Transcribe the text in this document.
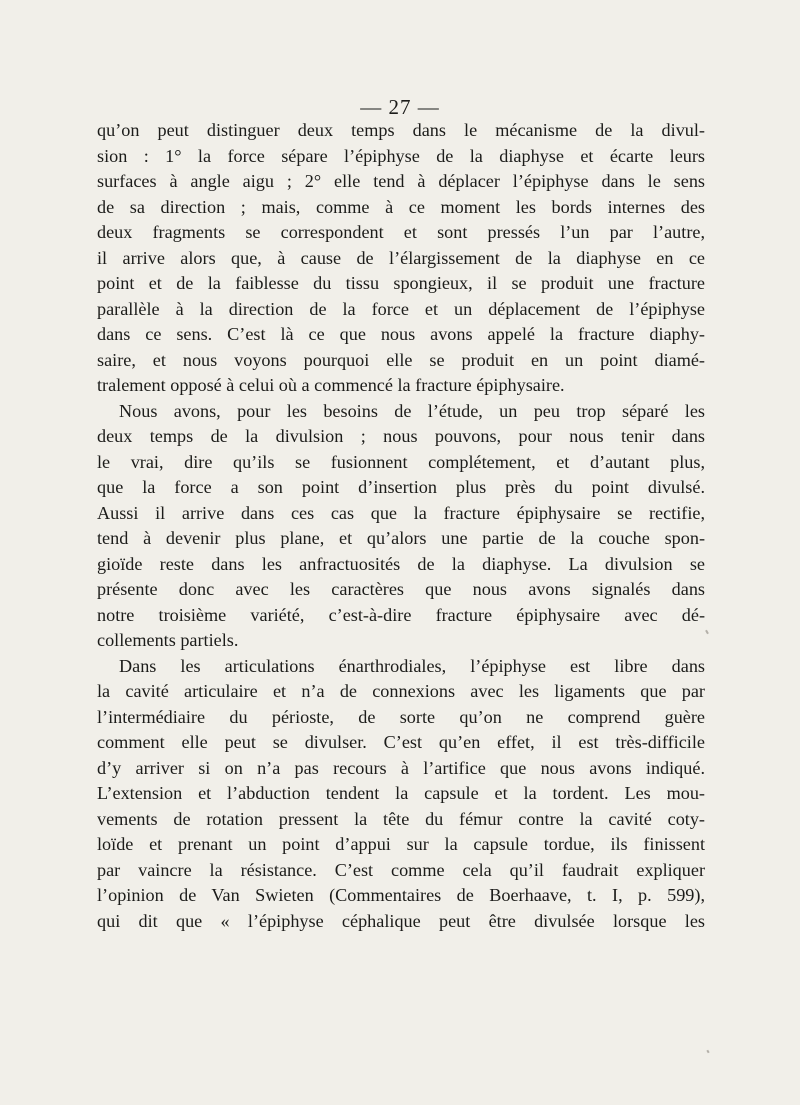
— 27 —
qu’on peut distinguer deux temps dans le mécanisme de la divul-
sion : 1° la force sépare l’épiphyse de la diaphyse et écarte leurs
surfaces à angle aigu ; 2° elle tend à déplacer l’épiphyse dans le sens
de sa direction ; mais, comme à ce moment les bords internes des
deux fragments se correspondent et sont pressés l’un par l’autre,
il arrive alors que, à cause de l’élargissement de la diaphyse en ce
point et de la faiblesse du tissu spongieux, il se produit une fracture
parallèle à la direction de la force et un déplacement de l’épiphyse
dans ce sens. C’est là ce que nous avons appelé la fracture diaphy-
saire, et nous voyons pourquoi elle se produit en un point diamé-
tralement opposé à celui où a commencé la fracture épiphysaire.
Nous avons, pour les besoins de l’étude, un peu trop séparé les
deux temps de la divulsion ; nous pouvons, pour nous tenir dans
le vrai, dire qu’ils se fusionnent complétement, et d’autant plus,
que la force a son point d’insertion plus près du point divulsé.
Aussi il arrive dans ces cas que la fracture épiphysaire se rectifie,
tend à devenir plus plane, et qu’alors une partie de la couche spon-
gioïde reste dans les anfractuosités de la diaphyse. La divulsion se
présente donc avec les caractères que nous avons signalés dans
notre troisième variété, c’est-à-dire fracture épiphysaire avec dé-
collements partiels.
Dans les articulations énarthrodiales, l’épiphyse est libre dans
la cavité articulaire et n’a de connexions avec les ligaments que par
l’intermédiaire du périoste, de sorte qu’on ne comprend guère
comment elle peut se divulser. C’est qu’en effet, il est très-difficile
d’y arriver si on n’a pas recours à l’artifice que nous avons indiqué.
L’extension et l’abduction tendent la capsule et la tordent. Les mou-
vements de rotation pressent la tête du fémur contre la cavité coty-
loïde et prenant un point d’appui sur la capsule tordue, ils finissent
par vaincre la résistance. C’est comme cela qu’il faudrait expliquer
l’opinion de Van Swieten (Commentaires de Boerhaave, t. I, p. 599),
qui dit que « l’épiphyse céphalique peut être divulsée lorsque les
